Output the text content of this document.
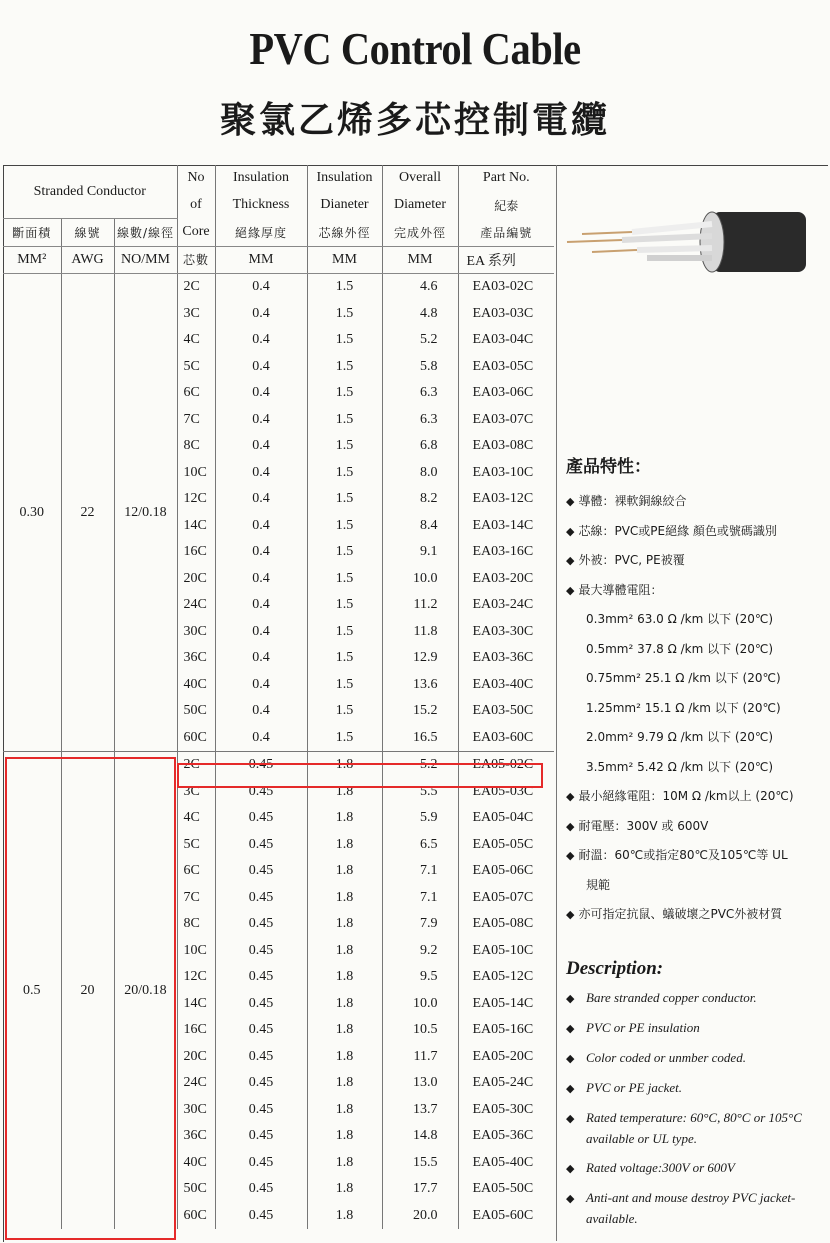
PVC Control Cable
聚氯乙烯多芯控制電纜
Stranded Conductor			No	Insulation	Insulation	Overall	Part No.
			of	Thickness	Dianeter	Diameter	紀泰
斷面積	線號	線數/線徑	Core	絕緣厚度	芯線外徑	完成外徑	產品編號
MM²	AWG	NO/MM	芯數	MM	MM	MM	EA 系列
0.30	22	12/0.18	2C	0.4	1.5	4.6	EA03-02C
			3C	0.4	1.5	4.8	EA03-03C
			4C	0.4	1.5	5.2	EA03-04C
			5C	0.4	1.5	5.8	EA03-05C
			6C	0.4	1.5	6.3	EA03-06C
			7C	0.4	1.5	6.3	EA03-07C
			8C	0.4	1.5	6.8	EA03-08C
			10C	0.4	1.5	8.0	EA03-10C
			12C	0.4	1.5	8.2	EA03-12C
			14C	0.4	1.5	8.4	EA03-14C
			16C	0.4	1.5	9.1	EA03-16C
			20C	0.4	1.5	10.0	EA03-20C
			24C	0.4	1.5	11.2	EA03-24C
			30C	0.4	1.5	11.8	EA03-30C
			36C	0.4	1.5	12.9	EA03-36C
			40C	0.4	1.5	13.6	EA03-40C
			50C	0.4	1.5	15.2	EA03-50C
			60C	0.4	1.5	16.5	EA03-60C
0.5	20	20/0.18	2C	0.45	1.8	5.2	EA05-02C
			3C	0.45	1.8	5.5	EA05-03C
			4C	0.45	1.8	5.9	EA05-04C
			5C	0.45	1.8	6.5	EA05-05C
			6C	0.45	1.8	7.1	EA05-06C
			7C	0.45	1.8	7.1	EA05-07C
			8C	0.45	1.8	7.9	EA05-08C
			10C	0.45	1.8	9.2	EA05-10C
			12C	0.45	1.8	9.5	EA05-12C
			14C	0.45	1.8	10.0	EA05-14C
			16C	0.45	1.8	10.5	EA05-16C
			20C	0.45	1.8	11.7	EA05-20C
			24C	0.45	1.8	13.0	EA05-24C
			30C	0.45	1.8	13.7	EA05-30C
			36C	0.45	1.8	14.8	EA05-36C
			40C	0.45	1.8	15.5	EA05-40C
			50C	0.45	1.8	17.7	EA05-50C
			60C	0.45	1.8	20.0	EA05-60C
產品特性：
◆ 導體：裸軟銅線絞合
◆ 芯線：PVC或PE絕緣 顏色或號碼識別
◆ 外被：PVC, PE被覆
◆ 最大導體電阻：
0.3mm² 63.0 Ω /km 以下 (20℃)
0.5mm² 37.8 Ω /km 以下 (20℃)
0.75mm² 25.1 Ω /km 以下 (20℃)
1.25mm² 15.1 Ω /km 以下 (20℃)
2.0mm² 9.79 Ω /km 以下 (20℃)
3.5mm² 5.42 Ω /km 以下 (20℃)
◆ 最小絕緣電阻：10M Ω /km以上 (20℃)
◆ 耐電壓：300V 或 600V
◆ 耐溫：60℃或指定80℃及105℃等 UL
規範
◆ 亦可指定抗鼠、蟻破壞之PVC外被材質
Description:
◆ Bare stranded copper conductor.
◆ PVC or PE insulation
◆ Color coded or unmber coded.
◆ PVC or PE jacket.
◆ Rated temperature: 60°C, 80°C or 105°C available or UL type.
◆ Rated voltage:300V or 600V
◆ Anti-ant and mouse destroy PVC jacket-available.
